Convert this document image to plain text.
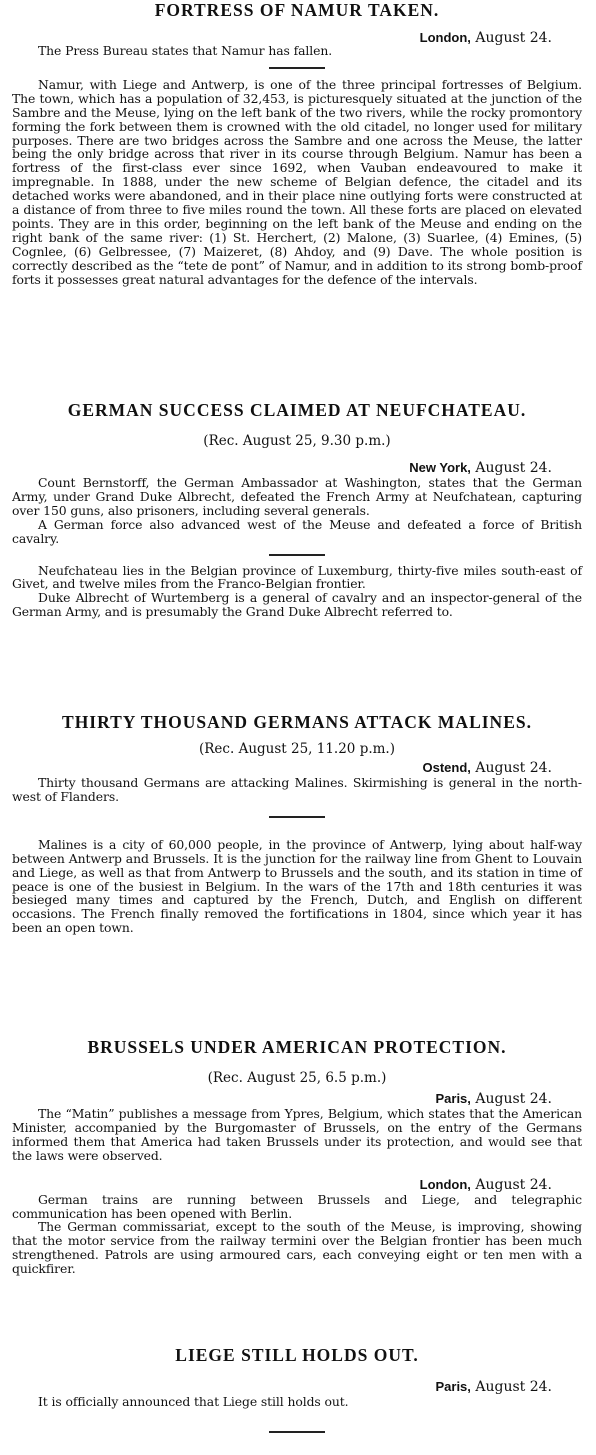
FORTRESS OF NAMUR TAKEN.
London, August 24.

The Press Bureau states that Namur has fallen.

Namur, with Liege and Antwerp, is one of the three principal fortresses of Belgium. The town, which has a population of 32,453, is picturesquely situated at the junction of the Sambre and the Meuse, lying on the left bank of the two rivers, while the rocky promontory forming the fork between them is crowned with the old citadel, no longer used for military purposes. There are two bridges across the Sambre and one across the Meuse, the latter being the only bridge across that river in its course through Belgium. Namur has been a fortress of the first-class ever since 1692, when Vauban endeavoured to make it impregnable. In 1888, under the new scheme of Belgian defence, the citadel and its detached works were abandoned, and in their place nine outlying forts were constructed at a distance of from three to five miles round the town. All these forts are placed on elevated points. They are in this order, beginning on the left bank of the Meuse and ending on the right bank of the same river: (1) St. Herchert, (2) Malone, (3) Suarlee, (4) Emines, (5) Cognlee, (6) Gelbressee, (7) Maizeret, (8) Ahdoy, and (9) Dave. The whole position is correctly described as the “tete de pont” of Namur, and in addition to its strong bomb-proof forts it possesses great natural advantages for the defence of the intervals.

GERMAN SUCCESS CLAIMED AT NEUFCHATEAU.

(Rec. August 25, 9.30 p.m.)

New York, August 24.

Count Bernstorff, the German Ambassador at Washington, states that the German Army, under Grand Duke Albrecht, defeated the French Army at Neufchatean, capturing over 150 guns, also prisoners, including several generals.

A German force also advanced west of the Meuse and defeated a force of British cavalry.

Neufchateau lies in the Belgian province of Luxemburg, thirty-five miles south-east of Givet, and twelve miles from the Franco-Belgian frontier.

Duke Albrecht of Wurtemberg is a general of cavalry and an inspector-general of the German Army, and is presumably the Grand Duke Albrecht referred to.

THIRTY THOUSAND GERMANS ATTACK MALINES.

(Rec. August 25, 11.20 p.m.)

Ostend, August 24.

Thirty thousand Germans are attacking Malines. Skirmishing is general in the north-west of Flanders.

Malines is a city of 60,000 people, in the province of Antwerp, lying about half-way between Antwerp and Brussels. It is the junction for the railway line from Ghent to Louvain and Liege, as well as that from Antwerp to Brussels and the south, and its station in time of peace is one of the busiest in Belgium. In the wars of the 17th and 18th centuries it was besieged many times and captured by the French, Dutch, and English on different occasions. The French finally removed the fortifications in 1804, since which year it has been an open town.

BRUSSELS UNDER AMERICAN PROTECTION.

(Rec. August 25, 6.5 p.m.)

Paris, August 24.

The “Matin” publishes a message from Ypres, Belgium, which states that the American Minister, accompanied by the Burgomaster of Brussels, on the entry of the Germans informed them that America had taken Brussels under its protection, and would see that the laws were observed.

London, August 24.

German trains are running between Brussels and Liege, and telegraphic communication has been opened with Berlin.

The German commissariat, except to the south of the Meuse, is improving, showing that the motor service from the railway termini over the Belgian frontier has been much strengthened. Patrols are using armoured cars, each conveying eight or ten men with a quickfirer.

LIEGE STILL HOLDS OUT.
Paris, August 24.

It is officially announced that Liege still holds out.
